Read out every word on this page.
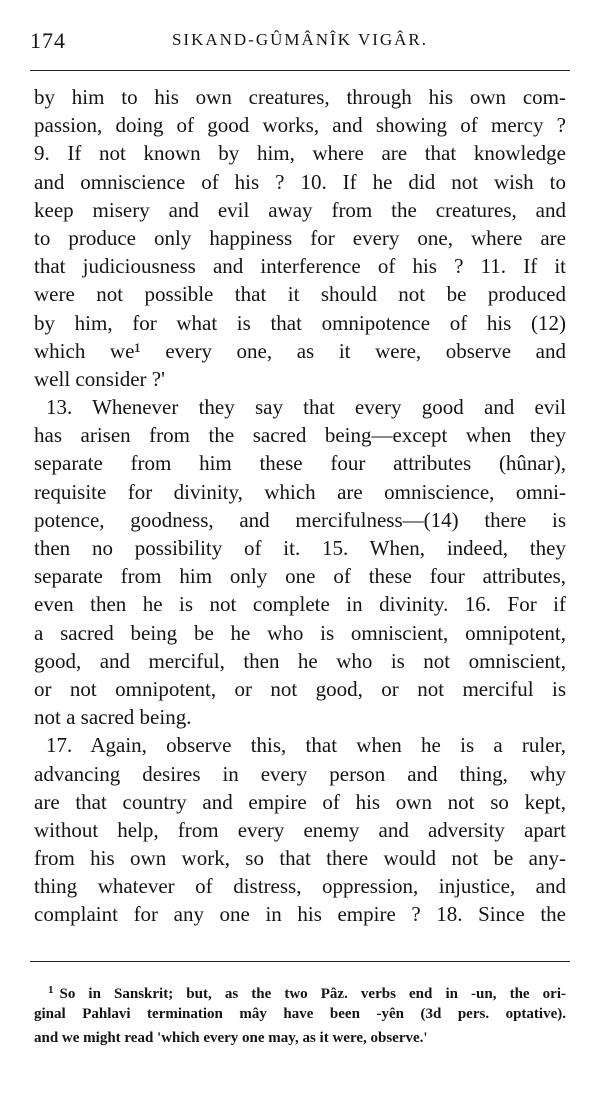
174	SIKAND-GÛMÂNÎK VIGÂR.
by him to his own creatures, through his own com-
passion, doing of good works, and showing of mercy ?
9. If not known by him, where are that knowledge
and omniscience of his ? 10. If he did not wish to
keep misery and evil away from the creatures, and
to produce only happiness for every one, where are
that judiciousness and interference of his ? 11. If it
were not possible that it should not be produced
by him, for what is that omnipotence of his (12)
which we¹ every one, as it were, observe and
well consider ?'
13. Whenever they say that every good and evil
has arisen from the sacred being—except when they
separate from him these four attributes (hûnar),
requisite for divinity, which are omniscience, omni-
potence, goodness, and mercifulness—(14) there is
then no possibility of it. 15. When, indeed, they
separate from him only one of these four attributes,
even then he is not complete in divinity. 16. For if
a sacred being be he who is omniscient, omnipotent,
good, and merciful, then he who is not omniscient,
or not omnipotent, or not good, or not merciful is
not a sacred being.
17. Again, observe this, that when he is a ruler,
advancing desires in every person and thing, why
are that country and empire of his own not so kept,
without help, from every enemy and adversity apart
from his own work, so that there would not be any-
thing whatever of distress, oppression, injustice, and
complaint for any one in his empire ? 18. Since the
$^1$ So in Sanskrit; but, as the two Pâz. verbs end in -un, the ori-
ginal Pahlavi termination mây have been -yên (3d pers. optative).
and we might read 'which every one may, as it were, observe.'
